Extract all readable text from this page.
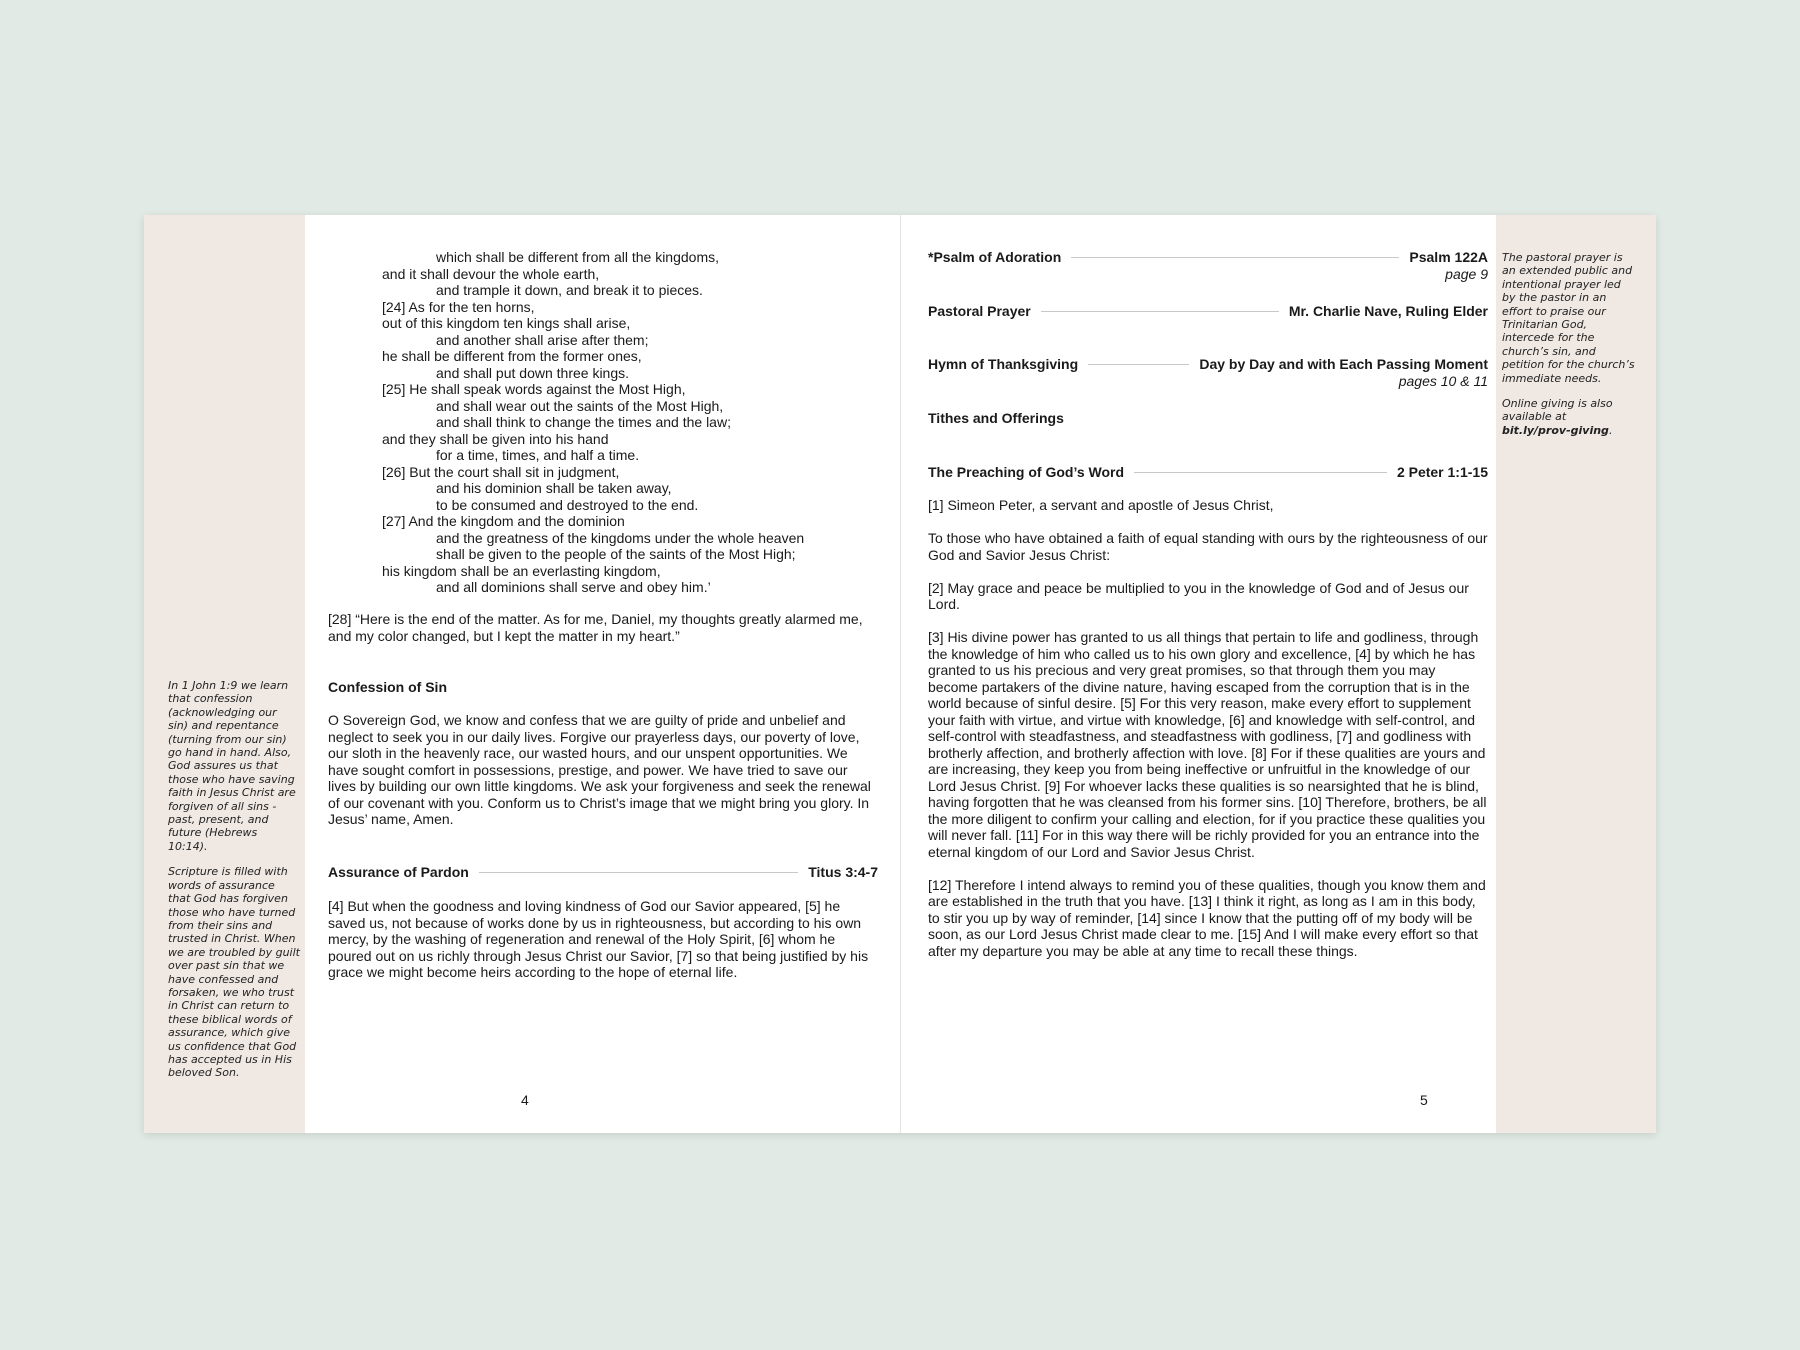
In 1 John 1:9 we learn that confession (acknowledging our sin) and repentance (turning from our sin) go hand in hand. Also, God assures us that those who have saving faith in Jesus Christ are forgiven of all sins - past, present, and future (Hebrews 10:14).

Scripture is filled with words of assurance that God has forgiven those who have turned from their sins and trusted in Christ. When we are troubled by guilt over past sin that we have confessed and forsaken, we who trust in Christ can return to these biblical words of assurance, which give us confidence that God has accepted us in His beloved Son.

The pastoral prayer is an extended public and intentional prayer led by the pastor in an effort to praise our Trinitarian God, intercede for the church’s sin, and petition for the church’s immediate needs.

Online giving is also available at bit.ly/prov-giving.

which shall be different from all the kingdoms,
and it shall devour the whole earth,
and trample it down, and break it to pieces.
[24] As for the ten horns,
out of this kingdom ten kings shall arise,
and another shall arise after them;
he shall be different from the former ones,
and shall put down three kings.
[25] He shall speak words against the Most High,
and shall wear out the saints of the Most High,
and shall think to change the times and the law;
and they shall be given into his hand
for a time, times, and half a time.
[26] But the court shall sit in judgment,
and his dominion shall be taken away,
to be consumed and destroyed to the end.
[27] And the kingdom and the dominion
and the greatness of the kingdoms under the whole heaven
shall be given to the people of the saints of the Most High;
his kingdom shall be an everlasting kingdom,
and all dominions shall serve and obey him.’
[28] “Here is the end of the matter. As for me, Daniel, my thoughts greatly alarmed me, and my color changed, but I kept the matter in my heart.”
Confession of Sin
O Sovereign God, we know and confess that we are guilty of pride and unbelief and neglect to seek you in our daily lives. Forgive our prayerless days, our poverty of love, our sloth in the heavenly race, our wasted hours, and our unspent opportunities. We have sought comfort in possessions, prestige, and power. We have tried to save our lives by building our own little kingdoms. We ask your forgiveness and seek the renewal of our covenant with you. Conform us to Christ’s image that we might bring you glory. In Jesus’ name, Amen.
Assurance of Pardon	Titus 3:4-7
[4] But when the goodness and loving kindness of God our Savior appeared, [5] he saved us, not because of works done by us in righteousness, but according to his own mercy, by the washing of regeneration and renewal of the Holy Spirit, [6] whom he poured out on us richly through Jesus Christ our Savior, [7] so that being justified by his grace we might become heirs according to the hope of eternal life.
4
*Psalm of Adoration	Psalm 122A
page 9
Pastoral Prayer	Mr. Charlie Nave, Ruling Elder
Hymn of Thanksgiving	Day by Day and with Each Passing Moment
pages 10 & 11
Tithes and Offerings
The Preaching of God’s Word	2 Peter 1:1-15

[1] Simeon Peter, a servant and apostle of Jesus Christ,

To those who have obtained a faith of equal standing with ours by the righteousness of our God and Savior Jesus Christ:

[2] May grace and peace be multiplied to you in the knowledge of God and of Jesus our Lord.

[3] His divine power has granted to us all things that pertain to life and godliness, through the knowledge of him who called us to his own glory and excellence, [4] by which he has granted to us his precious and very great promises, so that through them you may become partakers of the divine nature, having escaped from the corruption that is in the world because of sinful desire. [5] For this very reason, make every effort to supplement your faith with virtue, and virtue with knowledge, [6] and knowledge with self-control, and self-control with steadfastness, and steadfastness with godliness, [7] and godliness with brotherly affection, and brotherly affection with love. [8] For if these qualities are yours and are increasing, they keep you from being ineffective or unfruitful in the knowledge of our Lord Jesus Christ. [9] For whoever lacks these qualities is so nearsighted that he is blind, having forgotten that he was cleansed from his former sins. [10] Therefore, brothers, be all the more diligent to confirm your calling and election, for if you practice these qualities you will never fall. [11] For in this way there will be richly provided for you an entrance into the eternal kingdom of our Lord and Savior Jesus Christ.

[12] Therefore I intend always to remind you of these qualities, though you know them and are established in the truth that you have. [13] I think it right, as long as I am in this body, to stir you up by way of reminder, [14] since I know that the putting off of my body will be soon, as our Lord Jesus Christ made clear to me. [15] And I will make every effort so that after my departure you may be able at any time to recall these things.

5
